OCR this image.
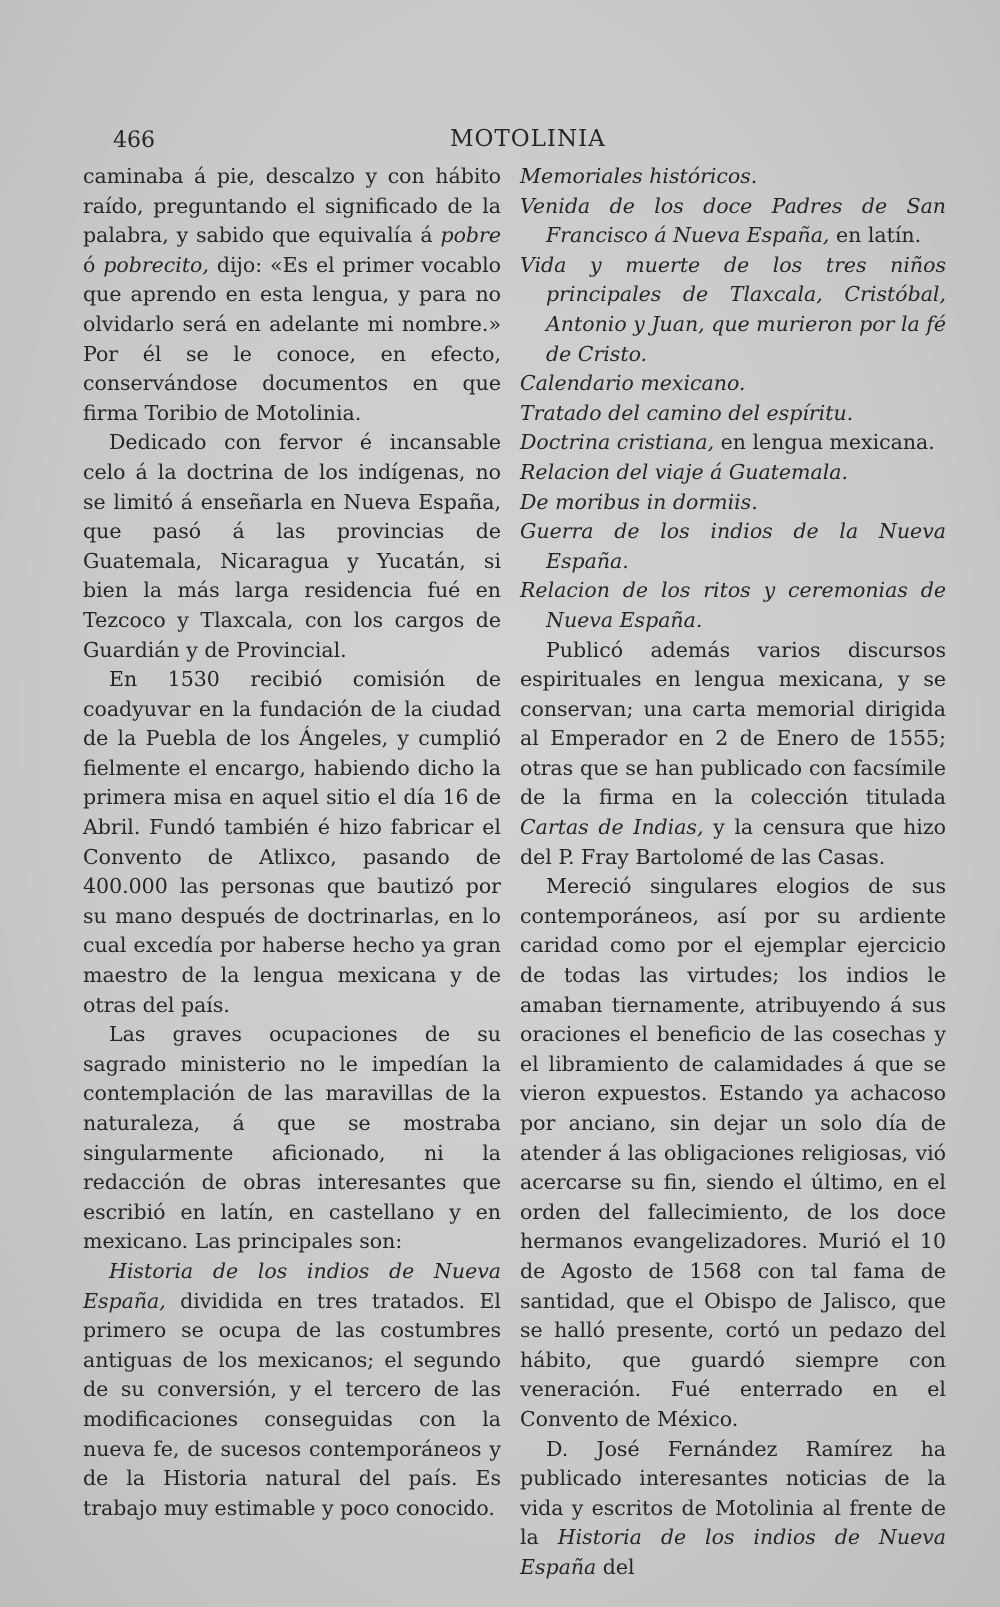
466	MOTOLINIA

caminaba á pie, descalzo y con hábito raído, preguntando el significado de la palabra, y sabido que equivalía á pobre ó pobrecito, dijo: «Es el primer vocablo que aprendo en esta lengua, y para no olvidarlo será en adelante mi nombre.» Por él se le conoce, en efecto, conservándose documentos en que firma Toribio de Motolinia.

Dedicado con fervor é incansable celo á la doctrina de los indígenas, no se limitó á enseñarla en Nueva España, que pasó á las provincias de Guatemala, Nicaragua y Yucatán, si bien la más larga residencia fué en Tezcoco y Tlaxcala, con los cargos de Guardián y de Provincial.

En 1530 recibió comisión de coadyuvar en la fundación de la ciudad de la Puebla de los Ángeles, y cumplió fielmente el encargo, habiendo dicho la primera misa en aquel sitio el día 16 de Abril. Fundó también é hizo fabricar el Convento de Atlixco, pasando de 400.000 las personas que bautizó por su mano después de doctrinarlas, en lo cual excedía por haberse hecho ya gran maestro de la lengua mexicana y de otras del país.

Las graves ocupaciones de su sagrado ministerio no le impedían la contemplación de las maravillas de la naturaleza, á que se mostraba singularmente aficionado, ni la redacción de obras interesantes que escribió en latín, en castellano y en mexicano. Las principales son:

Historia de los indios de Nueva España, dividida en tres tratados. El primero se ocupa de las costumbres antiguas de los mexicanos; el segundo de su conversión, y el tercero de las modificaciones conseguidas con la nueva fe, de sucesos contemporáneos y de la Historia natural del país. Es trabajo muy estimable y poco conocido.

Memoriales históricos.

Venida de los doce Padres de San Francisco á Nueva España, en latín.

Vida y muerte de los tres niños principales de Tlaxcala, Cristóbal, Antonio y Juan, que murieron por la fé de Cristo.

Calendario mexicano.

Tratado del camino del espíritu.

Doctrina cristiana, en lengua mexicana.

Relacion del viaje á Guatemala.

De moribus in dormiis.

Guerra de los indios de la Nueva España.

Relacion de los ritos y ceremonias de Nueva España.

Publicó además varios discursos espirituales en lengua mexicana, y se conservan; una carta memorial dirigida al Emperador en 2 de Enero de 1555; otras que se han publicado con facsímile de la firma en la colección titulada Cartas de Indias, y la censura que hizo del P. Fray Bartolomé de las Casas.

Mereció singulares elogios de sus contemporáneos, así por su ardiente caridad como por el ejemplar ejercicio de todas las virtudes; los indios le amaban tiernamente, atribuyendo á sus oraciones el beneficio de las cosechas y el libramiento de calamidades á que se vieron expuestos. Estando ya achacoso por anciano, sin dejar un solo día de atender á las obligaciones religiosas, vió acercarse su fin, siendo el último, en el orden del fallecimiento, de los doce hermanos evangelizadores. Murió el 10 de Agosto de 1568 con tal fama de santidad, que el Obispo de Jalisco, que se halló presente, cortó un pedazo del hábito, que guardó siempre con veneración. Fué enterrado en el Convento de México.

D. José Fernández Ramírez ha publicado interesantes noticias de la vida y escritos de Motolinia al frente de la Historia de los indios de Nueva España del
